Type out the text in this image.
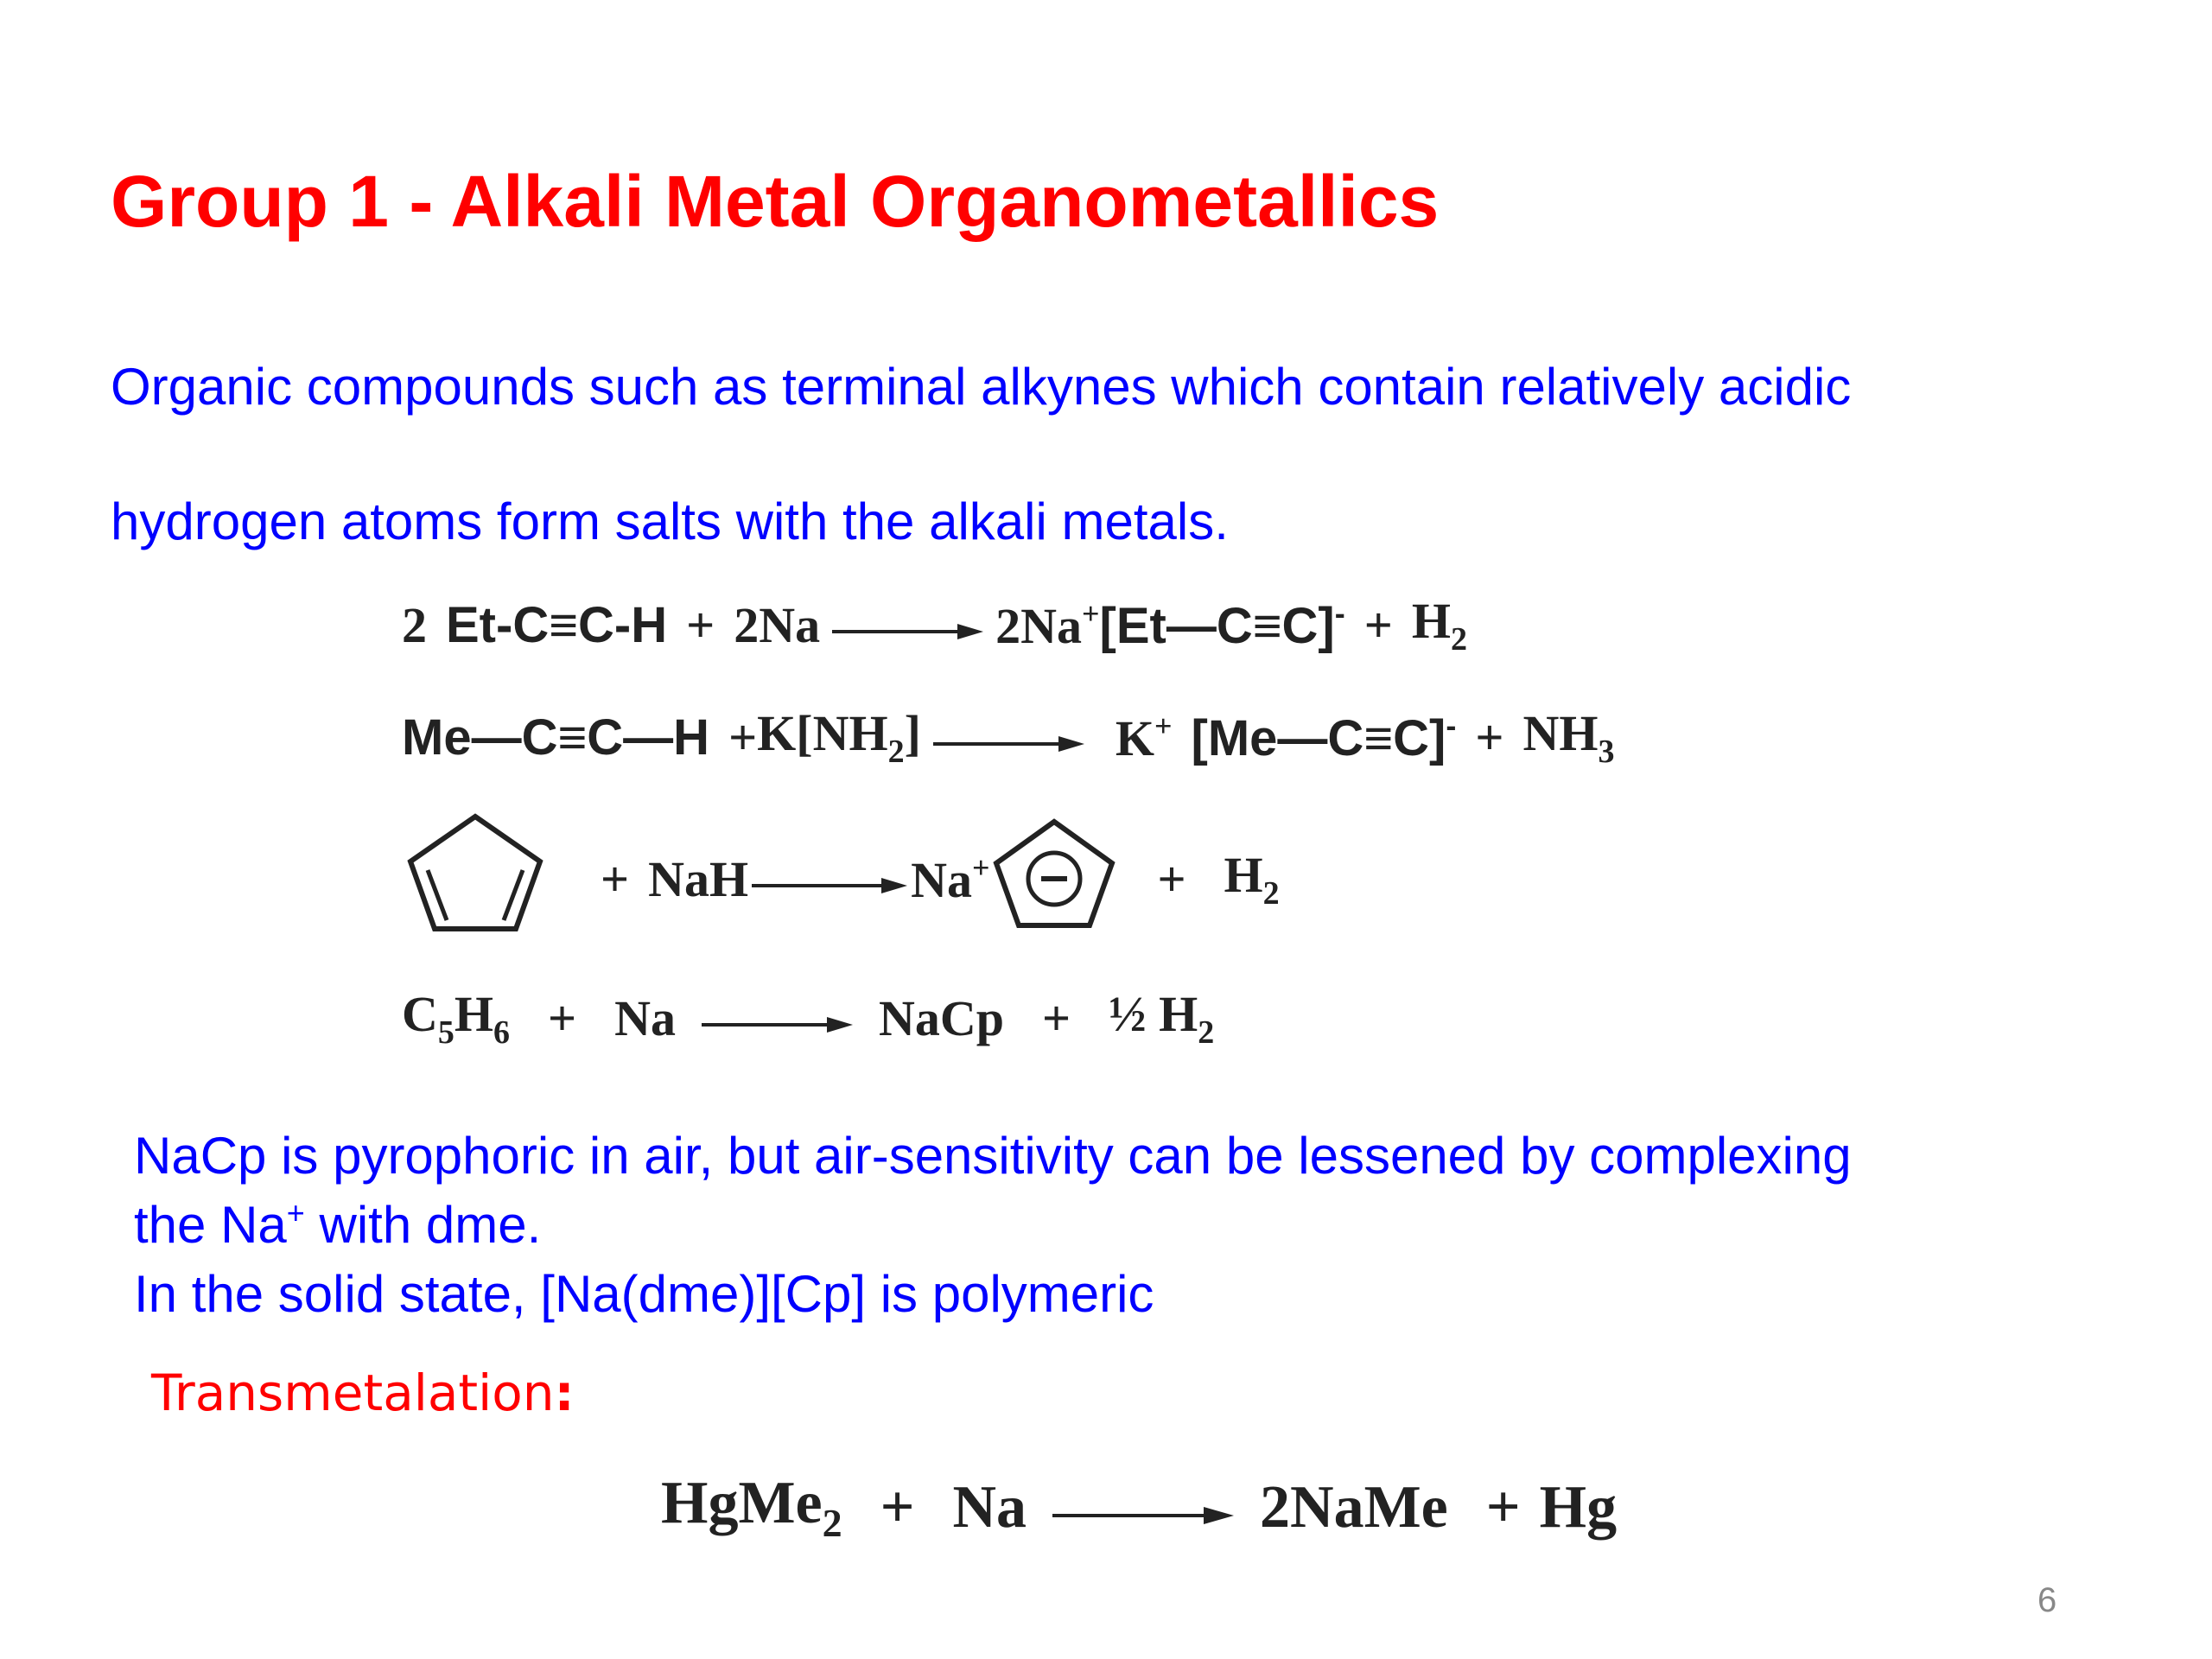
Group 1 - Alkali Metal Organometallics
Organic compounds such as terminal alkynes which contain relatively acidic
hydrogen atoms form salts with the alkali metals.
2 Et-C≡C-H + 2Na → 2Na+ [Et—C≡C]- + $H_2$
Me—C≡C—H + $K[NH_2] \to K^+$ [Me—C≡C]- + $NH_3$
+ NaH → Na+	+ $H_2$
$C_5H_6 + Na$ → NaCp + ½ $H_2$
NaCp is pyrophoric in air, but air-sensitivity can be lessened by complexing
the Na+ with dme.
In the solid state, [Na(dme)][Cp] is polymeric
Transmetalation:
HgMe$_2$ + Na → 2NaMe + Hg
6
